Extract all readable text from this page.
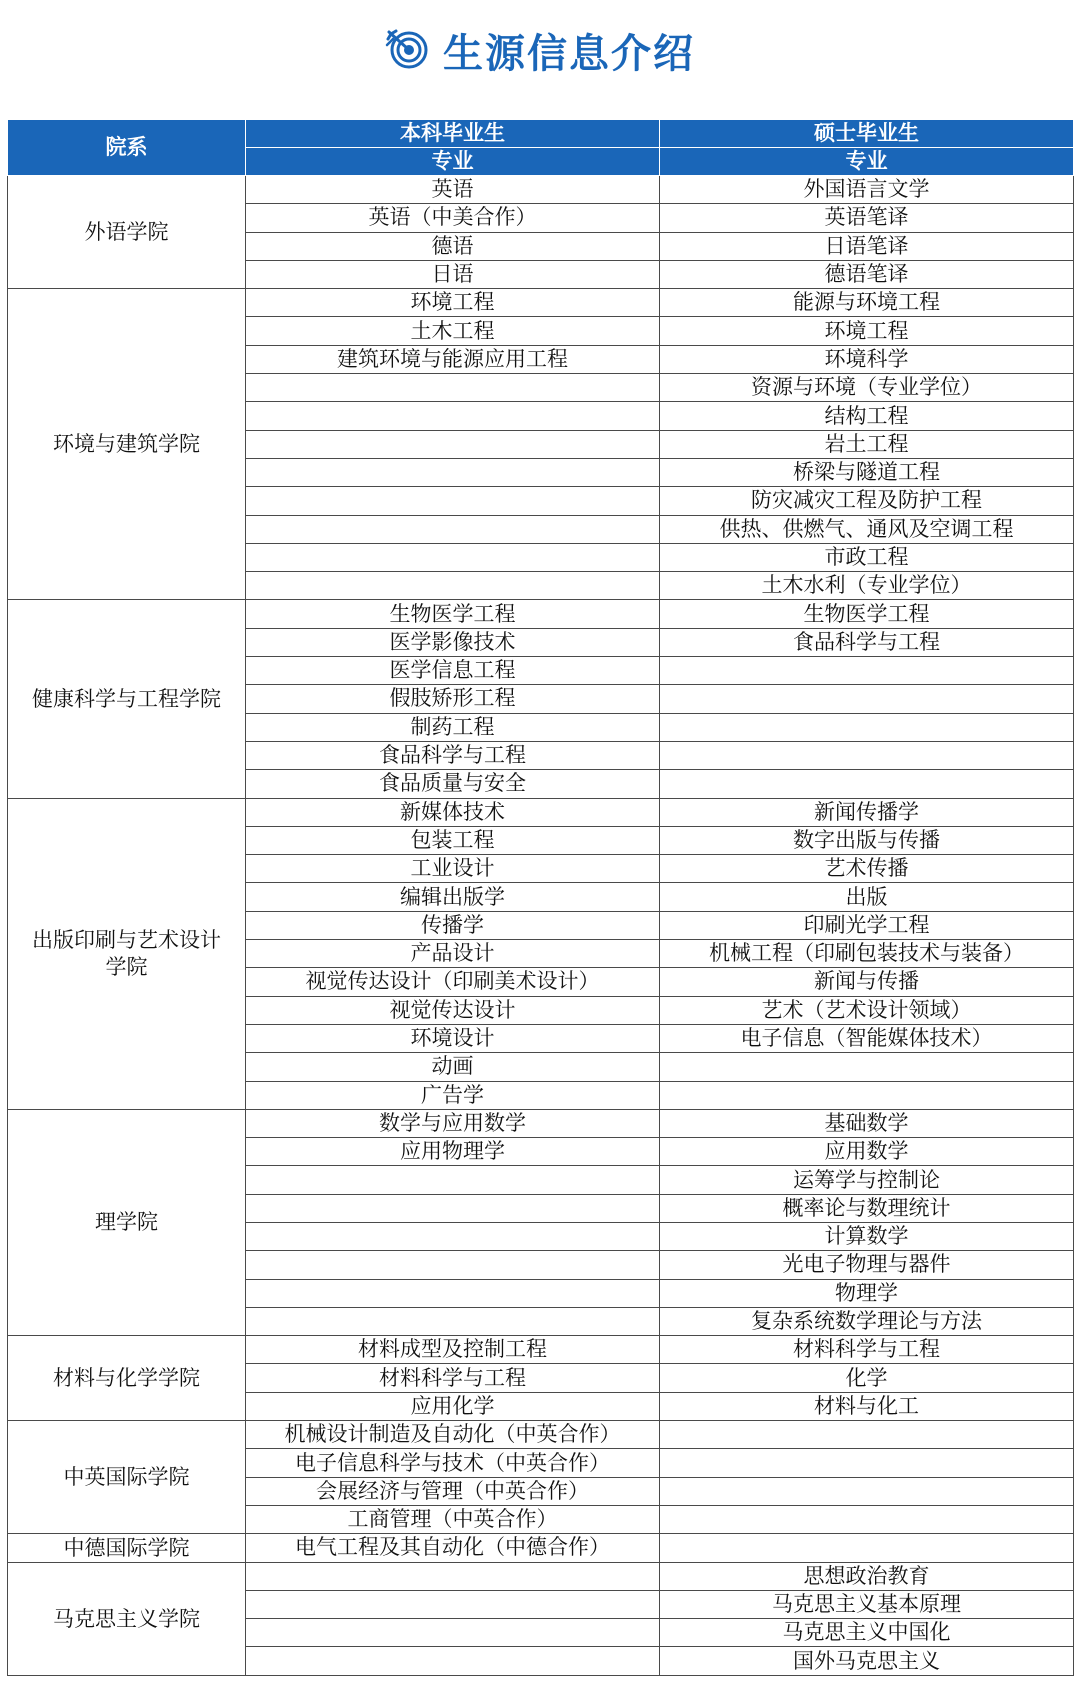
生源信息介绍
院系	本科毕业生	硕士毕业生
	专业	专业
外语学院	英语	外国语言文学
	英语（中美合作）	英语笔译
	德语	日语笔译
	日语	德语笔译
环境与建筑学院	环境工程	能源与环境工程
	土木工程	环境工程
	建筑环境与能源应用工程	环境科学
		资源与环境（专业学位）
		结构工程
		岩土工程
		桥梁与隧道工程
		防灾减灾工程及防护工程
		供热、供燃气、通风及空调工程
		市政工程
		土木水利（专业学位）
健康科学与工程学院	生物医学工程	生物医学工程
	医学影像技术	食品科学与工程
	医学信息工程	
	假肢矫形工程	
	制药工程	
	食品科学与工程	
	食品质量与安全	
出版印刷与艺术设计学院	新媒体技术	新闻传播学
	包装工程	数字出版与传播
	工业设计	艺术传播
	编辑出版学	出版
	传播学	印刷光学工程
	产品设计	机械工程（印刷包装技术与装备）
	视觉传达设计（印刷美术设计）	新闻与传播
	视觉传达设计	艺术（艺术设计领域）
	环境设计	电子信息（智能媒体技术）
	动画	
	广告学	
理学院	数学与应用数学	基础数学
	应用物理学	应用数学
		运筹学与控制论
		概率论与数理统计
		计算数学
		光电子物理与器件
		物理学
		复杂系统数学理论与方法
材料与化学学院	材料成型及控制工程	材料科学与工程
	材料科学与工程	化学
	应用化学	材料与化工
中英国际学院	机械设计制造及自动化（中英合作）	
	电子信息科学与技术（中英合作）	
	会展经济与管理（中英合作）	
	工商管理（中英合作）	
中德国际学院	电气工程及其自动化（中德合作）	
马克思主义学院		思想政治教育
		马克思主义基本原理
		马克思主义中国化
		国外马克思主义
